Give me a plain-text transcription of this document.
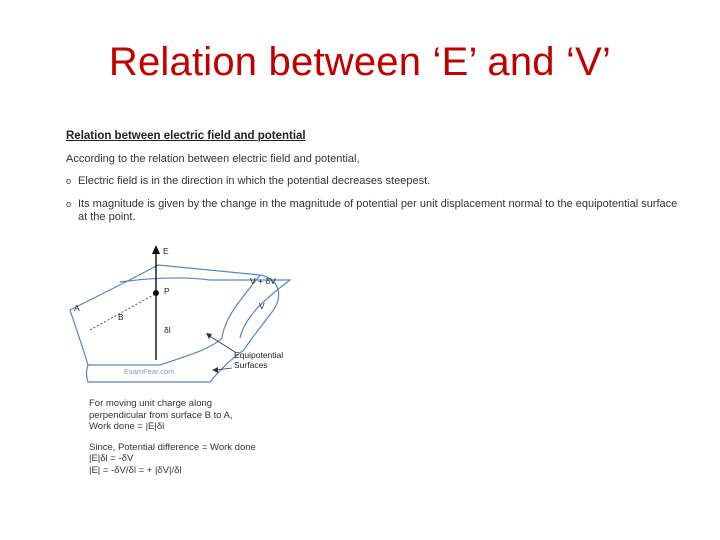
Relation between ‘E’ and ‘V’
Relation between electric field and potential
According to the relation between electric field and potential,
o Electric field is in the direction in which the potential decreases steepest.
o Its magnitude is given by the change in the magnitude of potential per unit displacement normal to the equipotential surface at the point.
E
P
A
B
δl
V + δV
V
Equipotential
Surfaces
ExamFear.com

For moving unit charge along
perpendicular from surface B to A,
Work done = |E|δl

Since, Potential difference = Work done
|E|δl = -δV
|E| = -δV/δl = + |δV|/δl
